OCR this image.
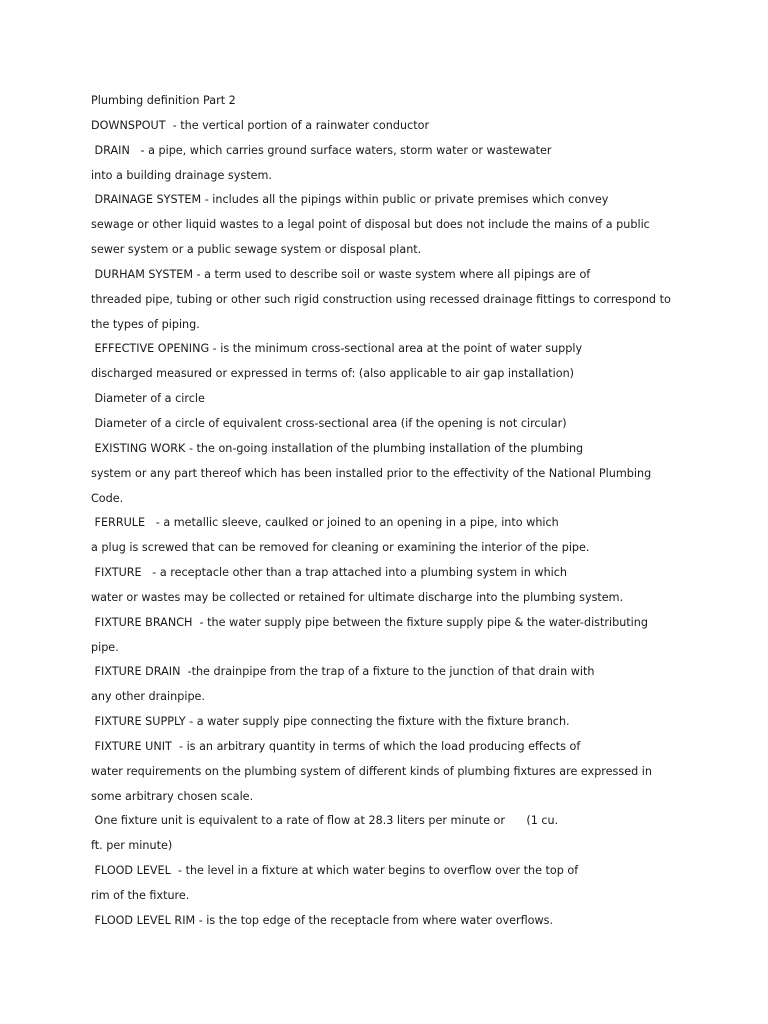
Plumbing definition Part 2
DOWNSPOUT  - the vertical portion of a rainwater conductor
DRAIN   - a pipe, which carries ground surface waters, storm water or wastewater
into a building drainage system.
DRAINAGE SYSTEM - includes all the pipings within public or private premises which convey
sewage or other liquid wastes to a legal point of disposal but does not include the mains of a public
sewer system or a public sewage system or disposal plant.
DURHAM SYSTEM - a term used to describe soil or waste system where all pipings are of
threaded pipe, tubing or other such rigid construction using recessed drainage fittings to correspond to
the types of piping.
EFFECTIVE OPENING - is the minimum cross-sectional area at the point of water supply
discharged measured or expressed in terms of: (also applicable to air gap installation)
Diameter of a circle
Diameter of a circle of equivalent cross-sectional area (if the opening is not circular)
EXISTING WORK - the on-going installation of the plumbing installation of the plumbing
system or any part thereof which has been installed prior to the effectivity of the National Plumbing
Code.
FERRULE   - a metallic sleeve, caulked or joined to an opening in a pipe, into which
a plug is screwed that can be removed for cleaning or examining the interior of the pipe.
FIXTURE   - a receptacle other than a trap attached into a plumbing system in which
water or wastes may be collected or retained for ultimate discharge into the plumbing system.
FIXTURE BRANCH  - the water supply pipe between the fixture supply pipe & the water-distributing
pipe.
FIXTURE DRAIN  -the drainpipe from the trap of a fixture to the junction of that drain with
any other drainpipe.
FIXTURE SUPPLY - a water supply pipe connecting the fixture with the fixture branch.
FIXTURE UNIT  - is an arbitrary quantity in terms of which the load producing effects of
water requirements on the plumbing system of different kinds of plumbing fixtures are expressed in
some arbitrary chosen scale.
One fixture unit is equivalent to a rate of flow at 28.3 liters per minute or      (1 cu.
ft. per minute)
FLOOD LEVEL  - the level in a fixture at which water begins to overflow over the top of
rim of the fixture.
FLOOD LEVEL RIM - is the top edge of the receptacle from where water overflows.
